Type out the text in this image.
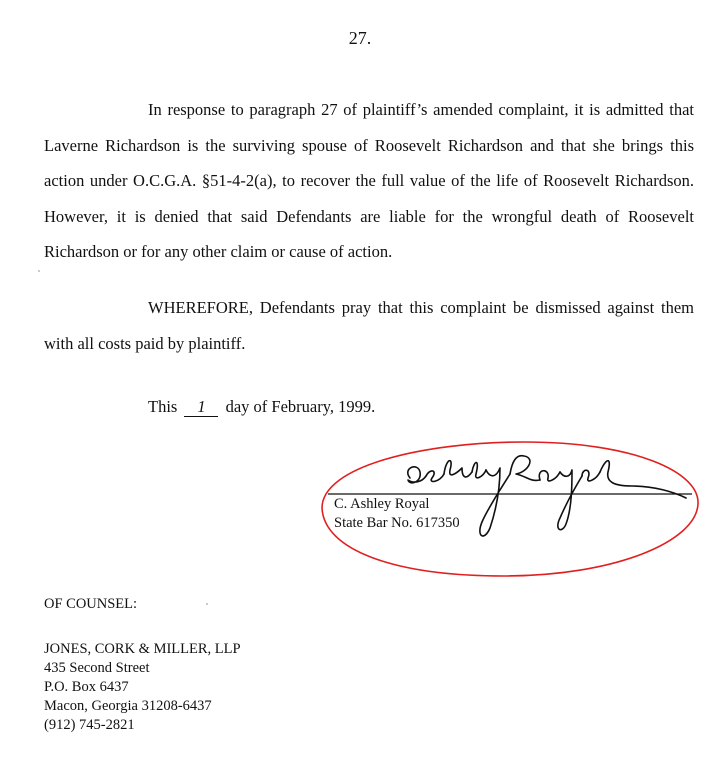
27.
In response to paragraph 27 of plaintiff’s amended complaint, it is admitted that Laverne Richardson is the surviving spouse of Roosevelt Richardson and that she brings this action under O.C.G.A. §51-4-2(a), to recover the full value of the life of Roosevelt Richardson. However, it is denied that said Defendants are liable for the wrongful death of Roosevelt Richardson or for any other claim or cause of action.
WHEREFORE, Defendants pray that this complaint be dismissed against them with all costs paid by plaintiff.
This 1 day of February, 1999.
C. Ashley Royal
State Bar No. 617350
OF COUNSEL:
JONES, CORK & MILLER, LLP
435 Second Street
P.O. Box 6437
Macon, Georgia 31208-6437
(912) 745-2821
